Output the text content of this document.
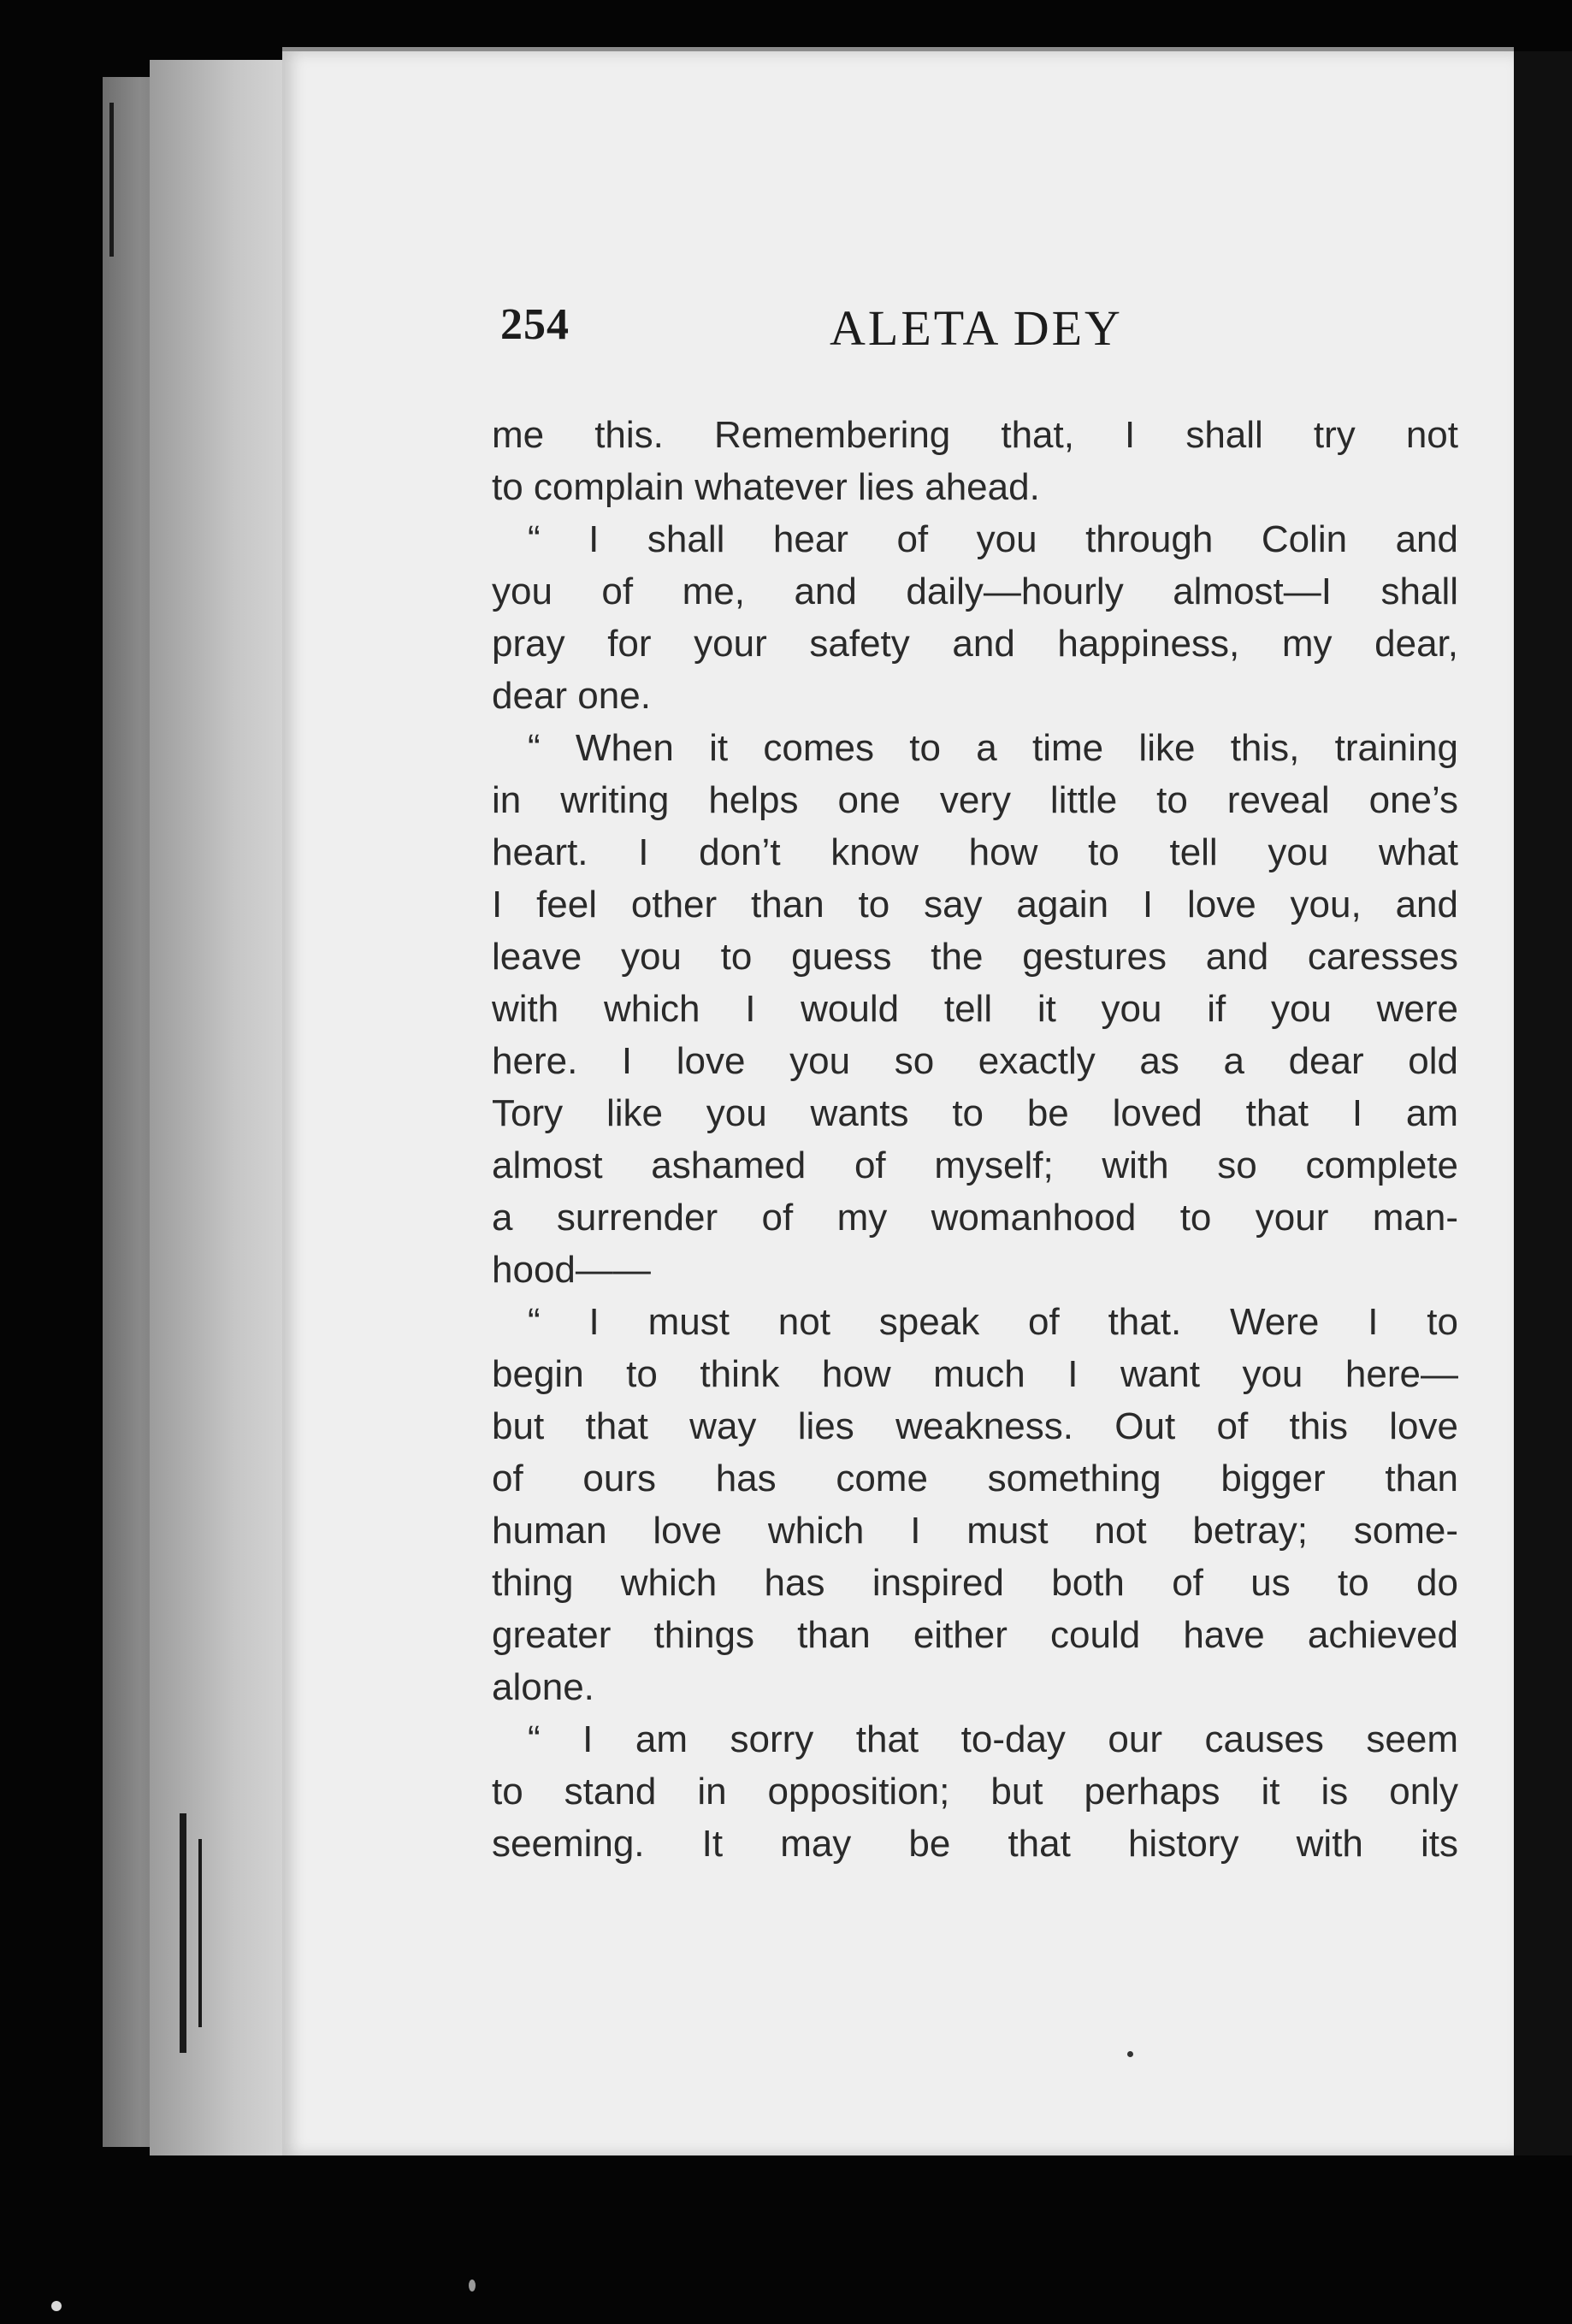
254	ALETA DEY
me this. Remembering that, I shall try not
to complain whatever lies ahead.
“ I shall hear of you through Colin and
you of me, and daily—hourly almost—I shall
pray for your safety and happiness, my dear,
dear one.
“ When it comes to a time like this, training
in writing helps one very little to reveal one’s
heart. I don’t know how to tell you what
I feel other than to say again I love you, and
leave you to guess the gestures and caresses
with which I would tell it you if you were
here. I love you so exactly as a dear old
Tory like you wants to be loved that I am
almost ashamed of myself; with so complete
a surrender of my womanhood to your man-
hood——
“ I must not speak of that. Were I to
begin to think how much I want you here—
but that way lies weakness. Out of this love
of ours has come something bigger than
human love which I must not betray; some-
thing which has inspired both of us to do
greater things than either could have achieved
alone.
“ I am sorry that to-day our causes seem
to stand in opposition; but perhaps it is only
seeming. It may be that history with its
